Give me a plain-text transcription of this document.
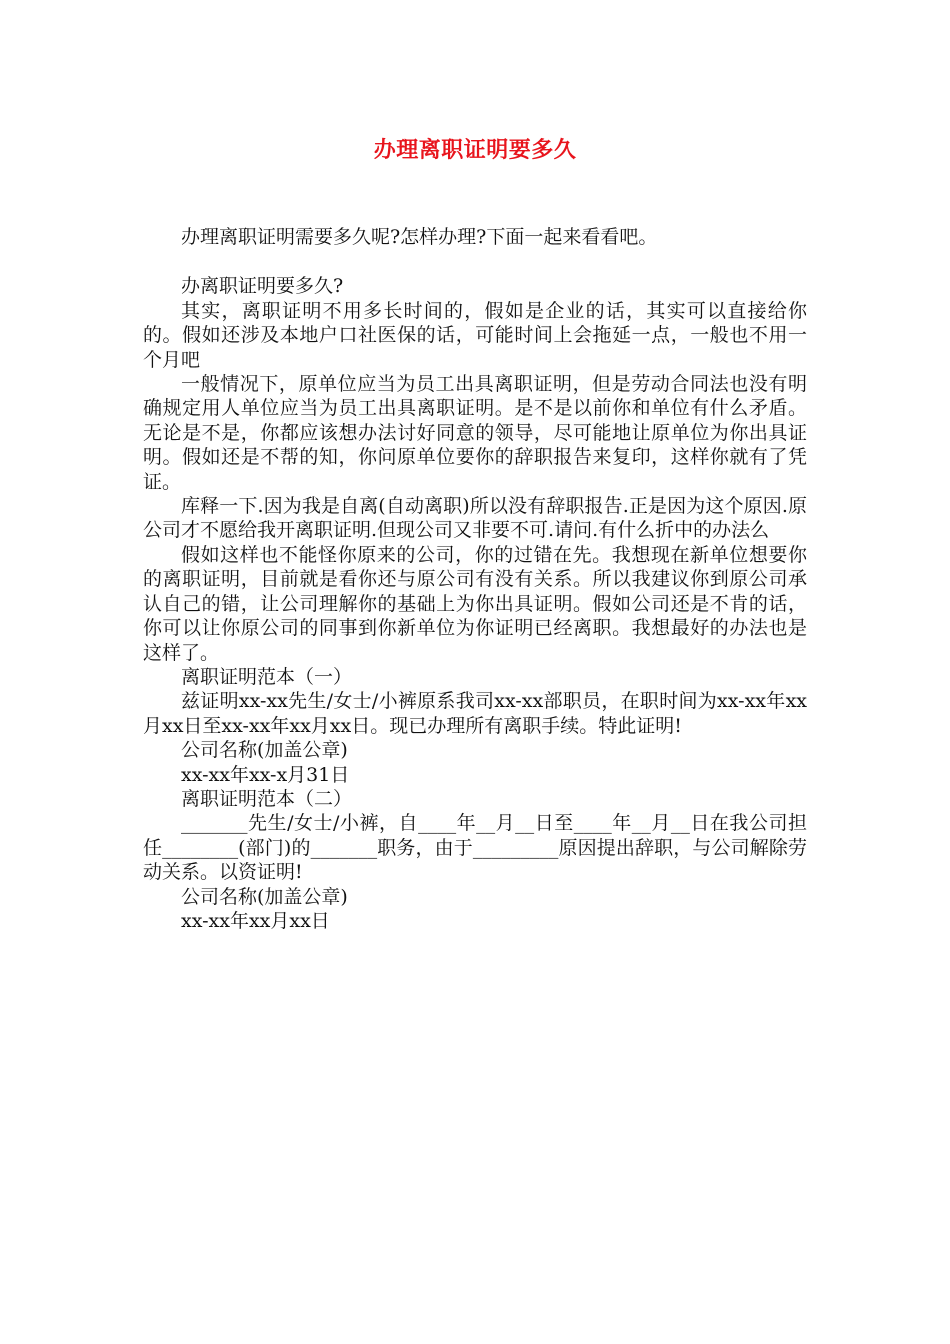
办理离职证明要多久

办理离职证明需要多久呢?怎样办理?下面一起来看看吧。

办离职证明要多久?

其实，离职证明不用多长时间的，假如是企业的话，其实可以直接给你的。假如还涉及本地户口社医保的话，可能时间上会拖延一点，一般也不用一个月吧

一般情况下，原单位应当为员工出具离职证明，但是劳动合同法也没有明确规定用人单位应当为员工出具离职证明。是不是以前你和单位有什么矛盾。无论是不是，你都应该想办法讨好同意的领导，尽可能地让原单位为你出具证明。假如还是不帮的知，你问原单位要你的辞职报告来复印，这样你就有了凭证。

库释一下.因为我是自离(自动离职)所以没有辞职报告.正是因为这个原因.原公司才不愿给我开离职证明.但现公司又非要不可.请问.有什么折中的办法么

假如这样也不能怪你原来的公司，你的过错在先。我想现在新单位想要你的离职证明，目前就是看你还与原公司有没有关系。所以我建议你到原公司承认自己的错，让公司理解你的基础上为你出具证明。假如公司还是不肯的话，你可以让你原公司的同事到你新单位为你证明已经离职。我想最好的办法也是这样了。

离职证明范本（一）

兹证明xx-xx先生/女士/小裤原系我司xx-xx部职员，在职时间为xx-xx年xx月xx日至xx-xx年xx月xx日。现已办理所有离职手续。特此证明!

公司名称(加盖公章)

xx-xx年xx-x月31日

离职证明范本（二）

_______先生/女士/小裤，自____年__月__日至____年__月__日在我公司担任________(部门)的_______职务，由于_________原因提出辞职，与公司解除劳动关系。以资证明!

公司名称(加盖公章)

xx-xx年xx月xx日
